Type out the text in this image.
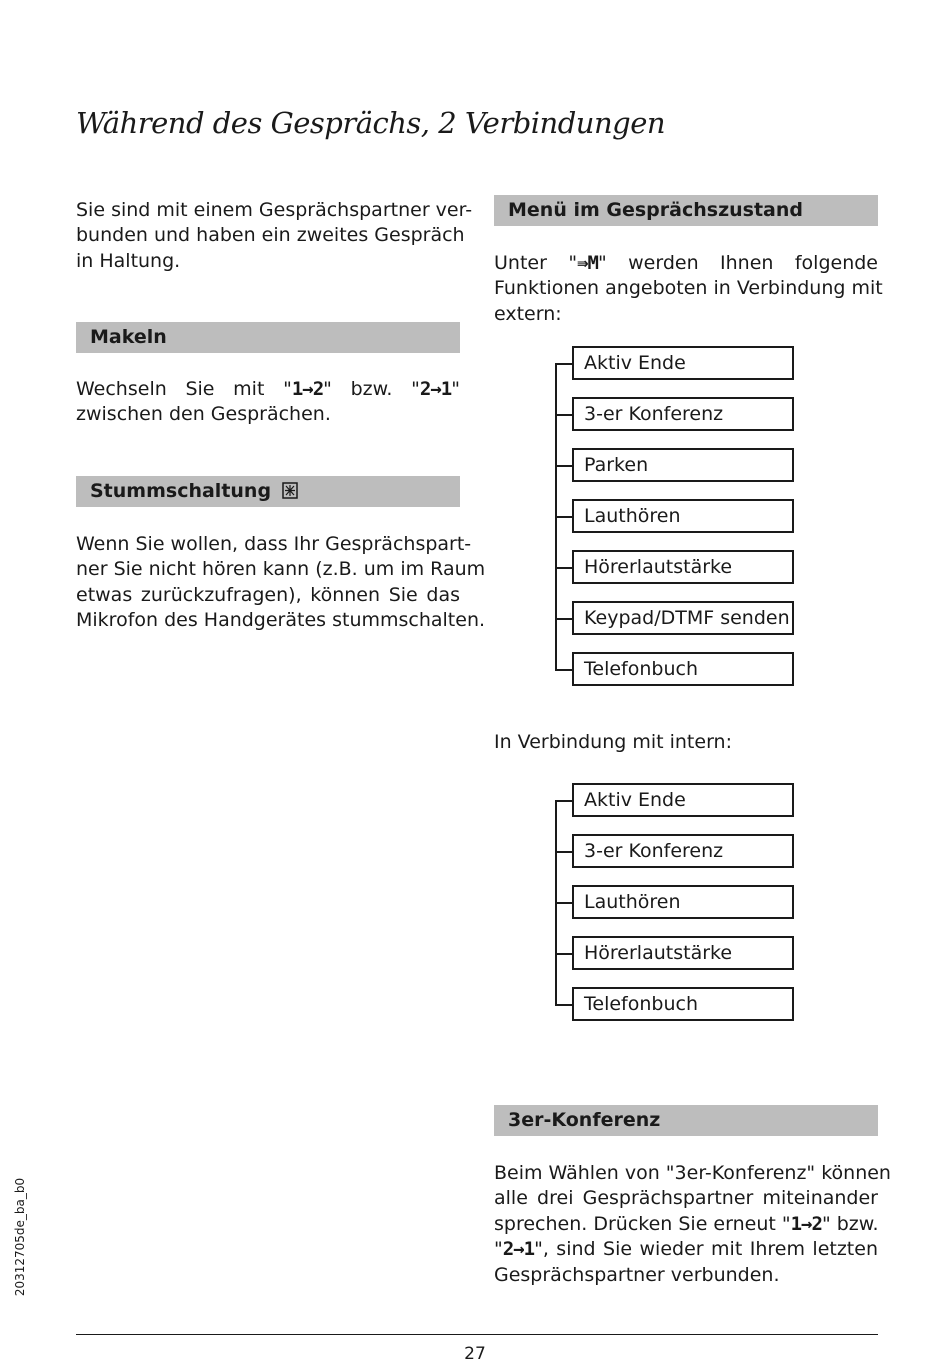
Während des Gesprächs, 2 Verbindungen
Sie sind mit einem Gesprächspartner ver-
bunden und haben ein zweites Gespräch
in Haltung.
Makeln
Wechseln Sie mit "1→2" bzw. "2→1"
zwischen den Gesprächen.
Stummschaltung
Wenn Sie wollen, dass Ihr Gesprächspart-
ner Sie nicht hören kann (z.B. um im Raum
etwas zurückzufragen), können Sie das
Mikrofon des Handgerätes stummschalten.
Menü im Gesprächszustand
Unter "⇛M" werden Ihnen folgende
Funktionen angeboten in Verbindung mit
extern:
Aktiv Ende
3-er Konferenz
Parken
Lauthören
Hörerlautstärke
Keypad/DTMF senden
Telefonbuch
In Verbindung mit intern:
Aktiv Ende
3-er Konferenz
Lauthören
Hörerlautstärke
Telefonbuch
3er-Konferenz
Beim Wählen von "3er-Konferenz" können
alle drei Gesprächspartner miteinander
sprechen. Drücken Sie erneut "1→2" bzw.
"2→1", sind Sie wieder mit Ihrem letzten
Gesprächspartner verbunden.
20312705de_ba_b0
27
